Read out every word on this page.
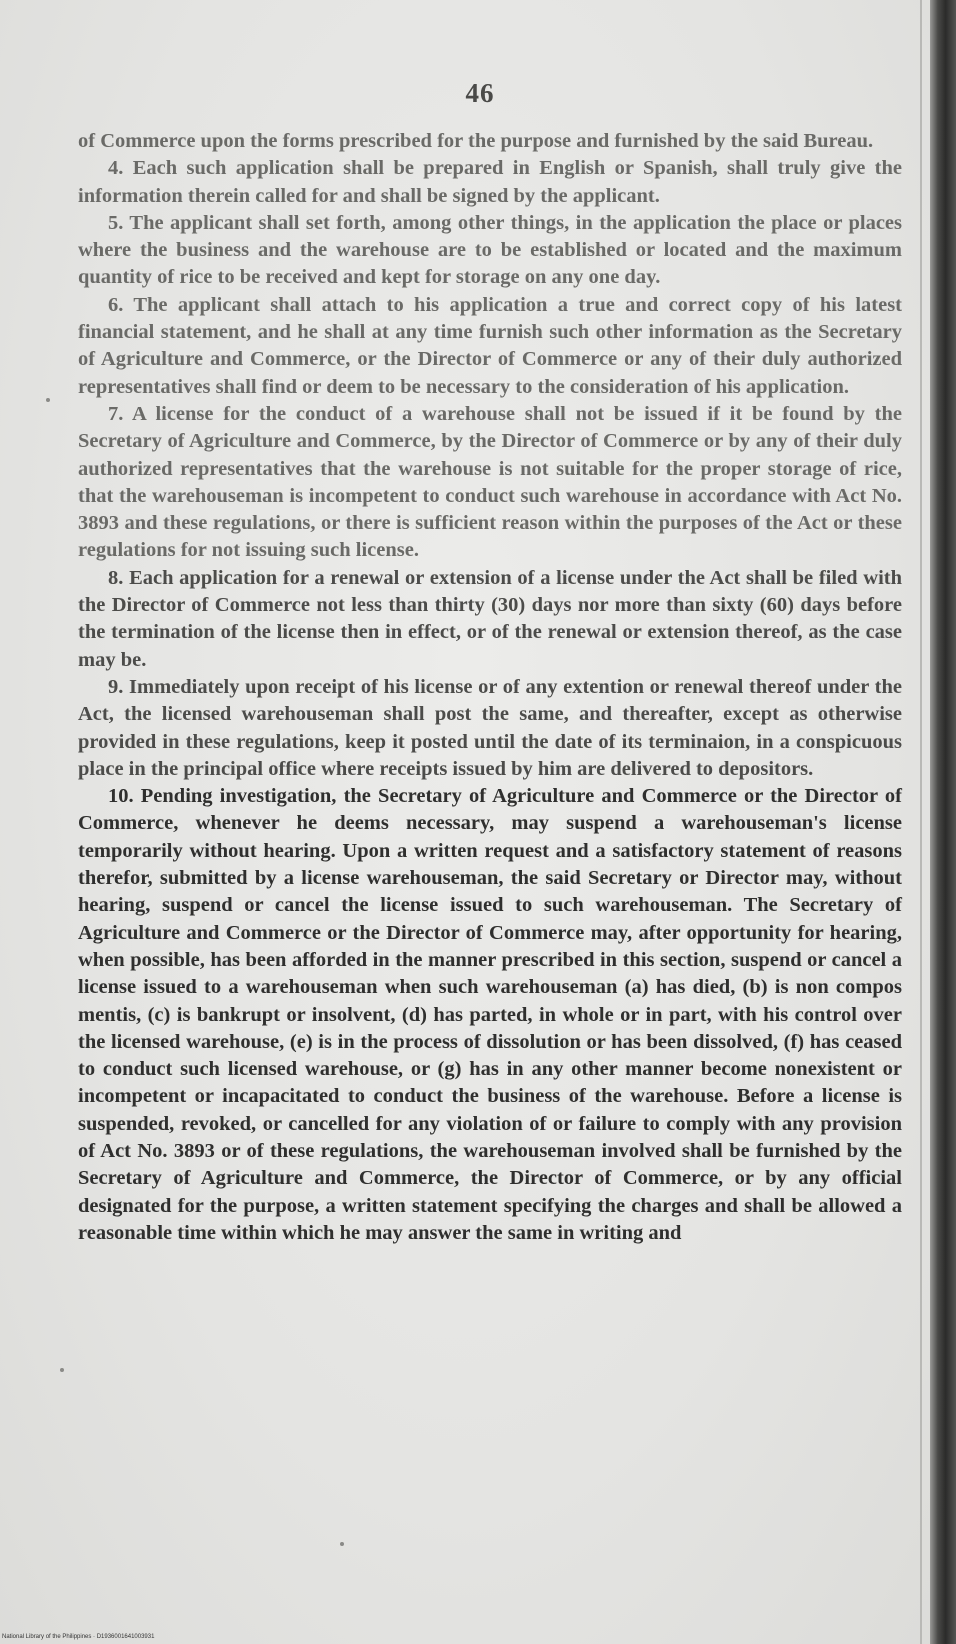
46

of Commerce upon the forms prescribed for the purpose and furnished by the said Bureau.

4. Each such application shall be prepared in English or Spanish, shall truly give the information therein called for and shall be signed by the applicant.

5. The applicant shall set forth, among other things, in the application the place or places where the business and the warehouse are to be established or located and the maximum quantity of rice to be received and kept for storage on any one day.

6. The applicant shall attach to his application a true and correct copy of his latest financial statement, and he shall at any time furnish such other information as the Secretary of Agriculture and Commerce, or the Director of Commerce or any of their duly authorized representatives shall find or deem to be necessary to the consideration of his application.

7. A license for the conduct of a warehouse shall not be issued if it be found by the Secretary of Agriculture and Commerce, by the Director of Commerce or by any of their duly authorized representatives that the warehouse is not suitable for the proper storage of rice, that the warehouseman is incompetent to conduct such warehouse in accordance with Act No. 3893 and these regulations, or there is sufficient reason within the purposes of the Act or these regulations for not issuing such license.

8. Each application for a renewal or extension of a license under the Act shall be filed with the Director of Commerce not less than thirty (30) days nor more than sixty (60) days before the termination of the license then in effect, or of the renewal or extension thereof, as the case may be.

9. Immediately upon receipt of his license or of any extention or renewal thereof under the Act, the licensed warehouseman shall post the same, and thereafter, except as otherwise provided in these regulations, keep it posted until the date of its terminaion, in a conspicuous place in the principal office where receipts issued by him are delivered to depositors.

10. Pending investigation, the Secretary of Agriculture and Commerce or the Director of Commerce, whenever he deems necessary, may suspend a warehouseman's license temporarily without hearing. Upon a written request and a satisfactory statement of reasons therefor, submitted by a license warehouseman, the said Secretary or Director may, without hearing, suspend or cancel the license issued to such warehouseman. The Secretary of Agriculture and Commerce or the Director of Commerce may, after opportunity for hearing, when possible, has been afforded in the manner prescribed in this section, suspend or cancel a license issued to a warehouseman when such warehouseman (a) has died, (b) is non compos mentis, (c) is bankrupt or insolvent, (d) has parted, in whole or in part, with his control over the licensed warehouse, (e) is in the process of dissolution or has been dissolved, (f) has ceased to conduct such licensed warehouse, or (g) has in any other manner become nonexistent or incompetent or incapacitated to conduct the business of the warehouse. Before a license is suspended, revoked, or cancelled for any violation of or failure to comply with any provision of Act No. 3893 or of these regulations, the warehouseman involved shall be furnished by the Secretary of Agriculture and Commerce, the Director of Commerce, or by any official designated for the purpose, a written statement specifying the charges and shall be allowed a reasonable time within which he may answer the same in writing and

National Library of the Philippines · D1936001641003931
